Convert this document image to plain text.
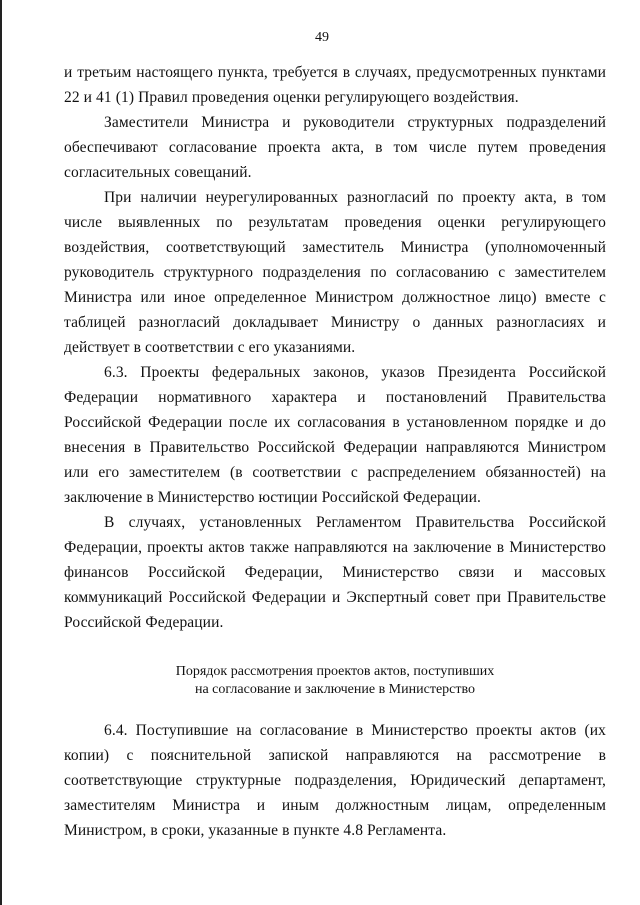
49

и третьим настоящего пункта, требуется в случаях, предусмотренных пунктами 22 и 41 (1) Правил проведения оценки регулирующего воздействия.

Заместители Министра и руководители структурных подразделений обеспечивают согласование проекта акта, в том числе путем проведения согласительных совещаний.

При наличии неурегулированных разногласий по проекту акта, в том числе выявленных по результатам проведения оценки регулирующего воздействия, соответствующий заместитель Министра (уполномоченный руководитель структурного подразделения по согласованию с заместителем Министра или иное определенное Министром должностное лицо) вместе с таблицей разногласий докладывает Министру о данных разногласиях и действует в соответствии с его указаниями.

6.3. Проекты федеральных законов, указов Президента Российской Федерации нормативного характера и постановлений Правительства Российской Федерации после их согласования в установленном порядке и до внесения в Правительство Российской Федерации направляются Министром или его заместителем (в соответствии с распределением обязанностей) на заключение в Министерство юстиции Российской Федерации.

В случаях, установленных Регламентом Правительства Российской Федерации, проекты актов также направляются на заключение в Министерство финансов Российской Федерации, Министерство связи и массовых коммуникаций Российской Федерации и Экспертный совет при Правительстве Российской Федерации.

Порядок рассмотрения проектов актов, поступивших
на согласование и заключение в Министерство

6.4. Поступившие на согласование в Министерство проекты актов (их копии) с пояснительной запиской направляются на рассмотрение в соответствующие структурные подразделения, Юридический департамент, заместителям Министра и иным должностным лицам, определенным Министром, в сроки, указанные в пункте 4.8 Регламента.
